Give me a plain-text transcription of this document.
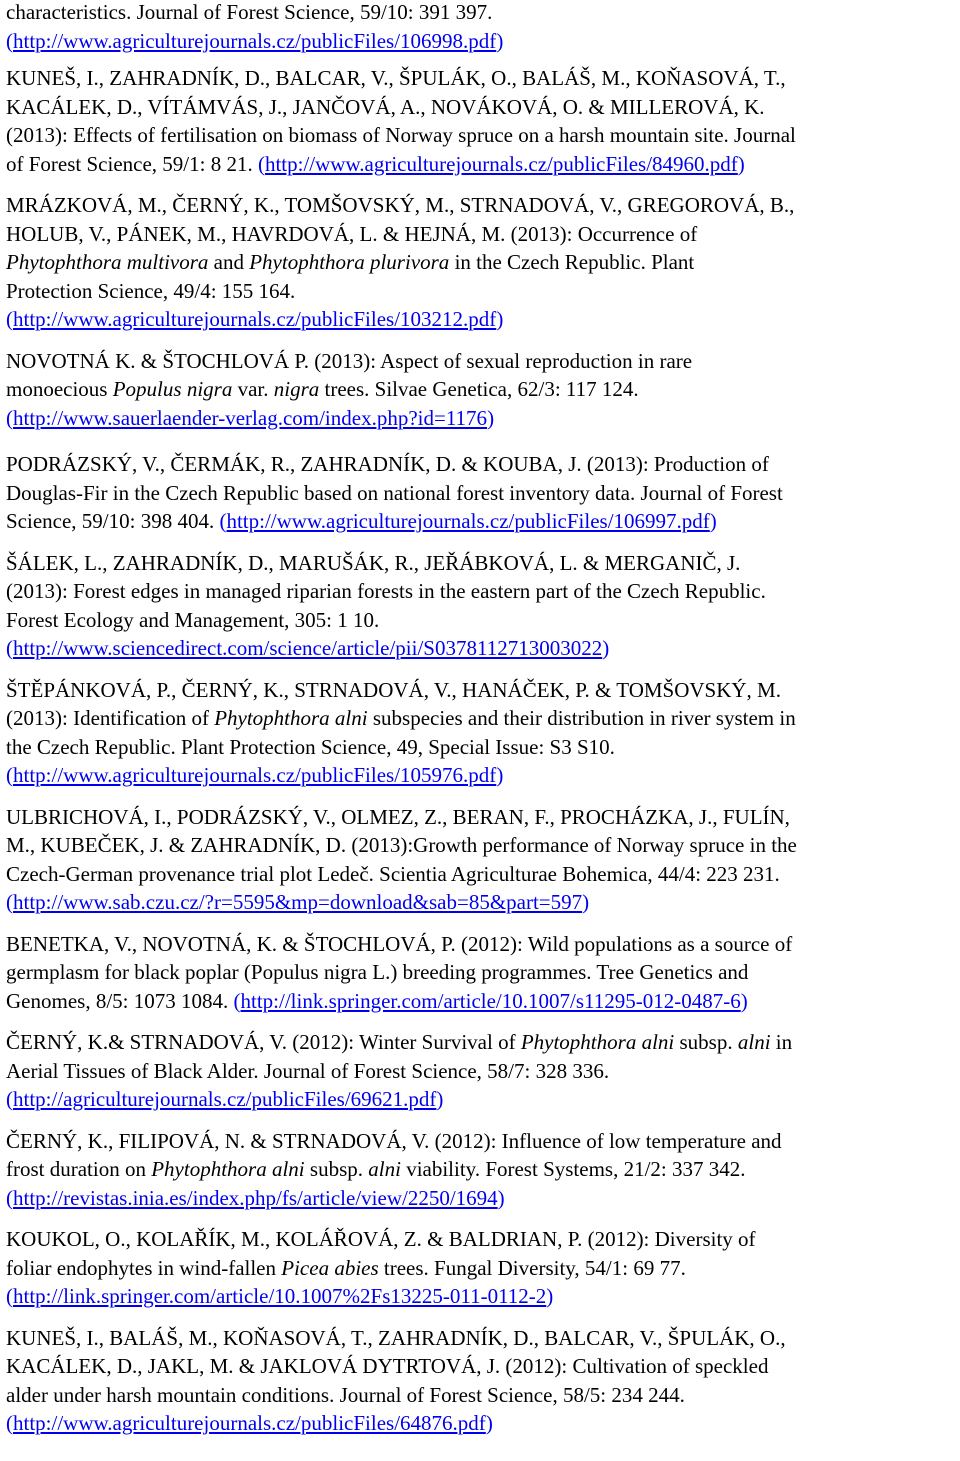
characteristics. Journal of Forest Science, 59/10: 391 397.
(http://www.agriculturejournals.cz/publicFiles/106998.pdf)
KUNEŠ, I., ZAHRADNÍK, D., BALCAR, V., ŠPULÁK, O., BALÁŠ, M., KOŇASOVÁ, T.,
KACÁLEK, D., VÍTÁMVÁS, J., JANČOVÁ, A., NOVÁKOVÁ, O. & MILLEROVÁ, K.
(2013): Effects of fertilisation on biomass of Norway spruce on a harsh mountain site. Journal
of Forest Science, 59/1: 8 21. (http://www.agriculturejournals.cz/publicFiles/84960.pdf)
MRÁZKOVÁ, M., ČERNÝ, K., TOMŠOVSKÝ, M., STRNADOVÁ, V., GREGOROVÁ, B.,
HOLUB, V., PÁNEK, M., HAVRDOVÁ, L. & HEJNÁ, M. (2013): Occurrence of
Phytophthora multivora and Phytophthora plurivora in the Czech Republic. Plant
Protection Science, 49/4: 155 164.
(http://www.agriculturejournals.cz/publicFiles/103212.pdf)
NOVOTNÁ K. & ŠTOCHLOVÁ P. (2013): Aspect of sexual reproduction in rare
monoecious Populus nigra var. nigra trees. Silvae Genetica, 62/3: 117 124.
(http://www.sauerlaender-verlag.com/index.php?id=1176)
PODRÁZSKÝ, V., ČERMÁK, R., ZAHRADNÍK, D. & KOUBA, J. (2013): Production of
Douglas-Fir in the Czech Republic based on national forest inventory data. Journal of Forest
Science, 59/10: 398 404. (http://www.agriculturejournals.cz/publicFiles/106997.pdf)
ŠÁLEK, L., ZAHRADNÍK, D., MARUŠÁK, R., JEŘÁBKOVÁ, L. & MERGANIČ, J.
(2013): Forest edges in managed riparian forests in the eastern part of the Czech Republic.
Forest Ecology and Management, 305: 1 10.
(http://www.sciencedirect.com/science/article/pii/S0378112713003022)
ŠTĚPÁNKOVÁ, P., ČERNÝ, K., STRNADOVÁ, V., HANÁČEK, P. & TOMŠOVSKÝ, M.
(2013): Identification of Phytophthora alni subspecies and their distribution in river system in
the Czech Republic. Plant Protection Science, 49, Special Issue: S3 S10.
(http://www.agriculturejournals.cz/publicFiles/105976.pdf)
ULBRICHOVÁ, I., PODRÁZSKÝ, V., OLMEZ, Z., BERAN, F., PROCHÁZKA, J., FULÍN,
M., KUBEČEK, J. & ZAHRADNÍK, D. (2013):Growth performance of Norway spruce in the
Czech-German provenance trial plot Ledeč. Scientia Agriculturae Bohemica, 44/4: 223 231.
(http://www.sab.czu.cz/?r=5595&mp=download&sab=85&part=597)
BENETKA, V., NOVOTNÁ, K. & ŠTOCHLOVÁ, P. (2012): Wild populations as a source of
germplasm for black poplar (Populus nigra L.) breeding programmes. Tree Genetics and
Genomes, 8/5: 1073 1084. (http://link.springer.com/article/10.1007/s11295-012-0487-6)
ČERNÝ, K.& STRNADOVÁ, V. (2012): Winter Survival of Phytophthora alni subsp. alni in
Aerial Tissues of Black Alder. Journal of Forest Science, 58/7: 328 336.
(http://agriculturejournals.cz/publicFiles/69621.pdf)
ČERNÝ, K., FILIPOVÁ, N. & STRNADOVÁ, V. (2012): Influence of low temperature and
frost duration on Phytophthora alni subsp. alni viability. Forest Systems, 21/2: 337 342.
(http://revistas.inia.es/index.php/fs/article/view/2250/1694)
KOUKOL, O., KOLAŘÍK, M., KOLÁŘOVÁ, Z. & BALDRIAN, P. (2012): Diversity of
foliar endophytes in wind-fallen Picea abies trees. Fungal Diversity, 54/1: 69 77.
(http://link.springer.com/article/10.1007%2Fs13225-011-0112-2)
KUNEŠ, I., BALÁŠ, M., KOŇASOVÁ, T., ZAHRADNÍK, D., BALCAR, V., ŠPULÁK, O.,
KACÁLEK, D., JAKL, M. & JAKLOVÁ DYTRTOVÁ, J. (2012): Cultivation of speckled
alder under harsh mountain conditions. Journal of Forest Science, 58/5: 234 244.
(http://www.agriculturejournals.cz/publicFiles/64876.pdf)
